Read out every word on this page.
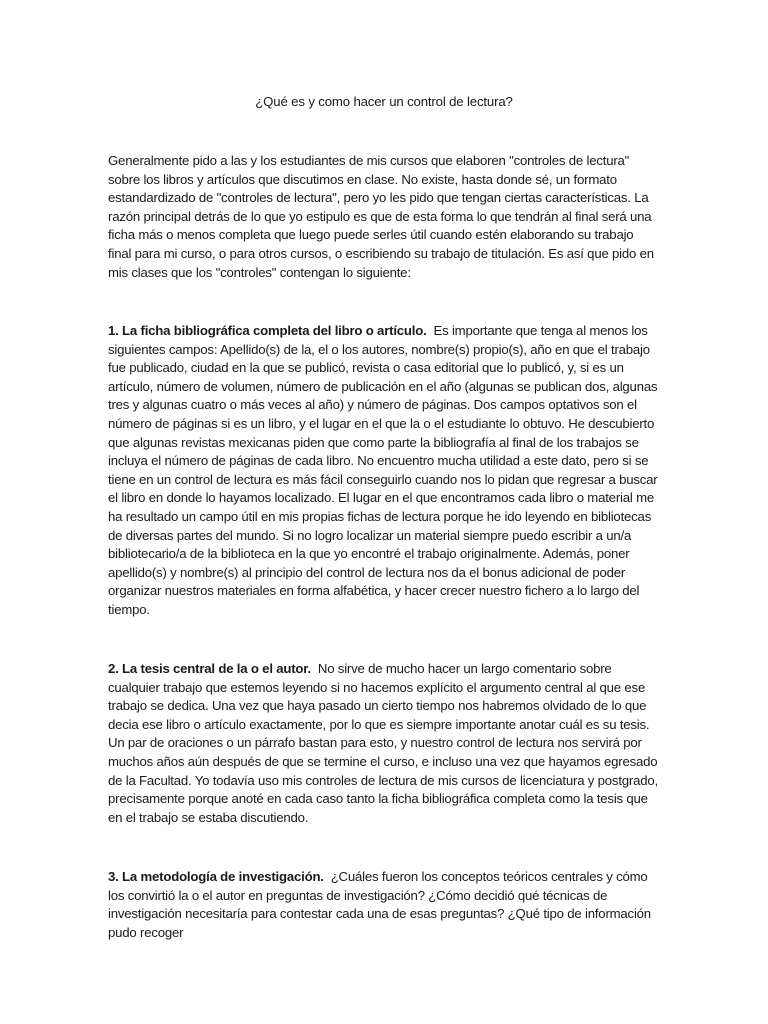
¿Qué es y como hacer un control de lectura?

Generalmente pido a las y los estudiantes de mis cursos que elaboren "controles de lectura" sobre los libros y artículos que discutimos en clase. No existe, hasta donde sé, un formato estandardizado de "controles de lectura", pero yo les pido que tengan ciertas características. La razón principal detrás de lo que yo estipulo es que de esta forma lo que tendrán al final será una ficha más o menos completa que luego puede serles útil cuando estén elaborando su trabajo final para mi curso, o para otros cursos, o escribiendo su trabajo de titulación. Es así que pido en mis clases que los "controles" contengan lo siguiente:

1. La ficha bibliográfica completa del libro o artículo. Es importante que tenga al menos los siguientes campos: Apellido(s) de la, el o los autores, nombre(s) propio(s), año en que el trabajo fue publicado, ciudad en la que se publicó, revista o casa editorial que lo publicó, y, si es un artículo, número de volumen, número de publicación en el año (algunas se publican dos, algunas tres y algunas cuatro o más veces al año) y número de páginas. Dos campos optativos son el número de páginas si es un libro, y el lugar en el que la o el estudiante lo obtuvo. He descubierto que algunas revistas mexicanas piden que como parte la bibliografía al final de los trabajos se incluya el número de páginas de cada libro. No encuentro mucha utilidad a este dato, pero si se tiene en un control de lectura es más fácil conseguirlo cuando nos lo pidan que regresar a buscar el libro en donde lo hayamos localizado. El lugar en el que encontramos cada libro o material me ha resultado un campo útil en mis propias fichas de lectura porque he ido leyendo en bibliotecas de diversas partes del mundo. Si no logro localizar un material siempre puedo escribir a un/a bibliotecario/a de la biblioteca en la que yo encontré el trabajo originalmente. Además, poner apellido(s) y nombre(s) al principio del control de lectura nos da el bonus adicional de poder organizar nuestros materiales en forma alfabética, y hacer crecer nuestro fichero a lo largo del tiempo.

2. La tesis central de la o el autor. No sirve de mucho hacer un largo comentario sobre cualquier trabajo que estemos leyendo si no hacemos explícito el argumento central al que ese trabajo se dedica. Una vez que haya pasado un cierto tiempo nos habremos olvidado de lo que decia ese libro o artículo exactamente, por lo que es siempre importante anotar cuál es su tesis. Un par de oraciones o un párrafo bastan para esto, y nuestro control de lectura nos servirá por muchos años aún después de que se termine el curso, e incluso una vez que hayamos egresado de la Facultad. Yo todavía uso mis controles de lectura de mis cursos de licenciatura y postgrado, precisamente porque anoté en cada caso tanto la ficha bibliográfica completa como la tesis que en el trabajo se estaba discutiendo.

3. La metodología de investigación. ¿Cuáles fueron los conceptos teóricos centrales y cómo los convirtió la o el autor en preguntas de investigación? ¿Cómo decidió qué técnicas de investigación necesitaría para contestar cada una de esas preguntas? ¿Qué tipo de información pudo recoger
